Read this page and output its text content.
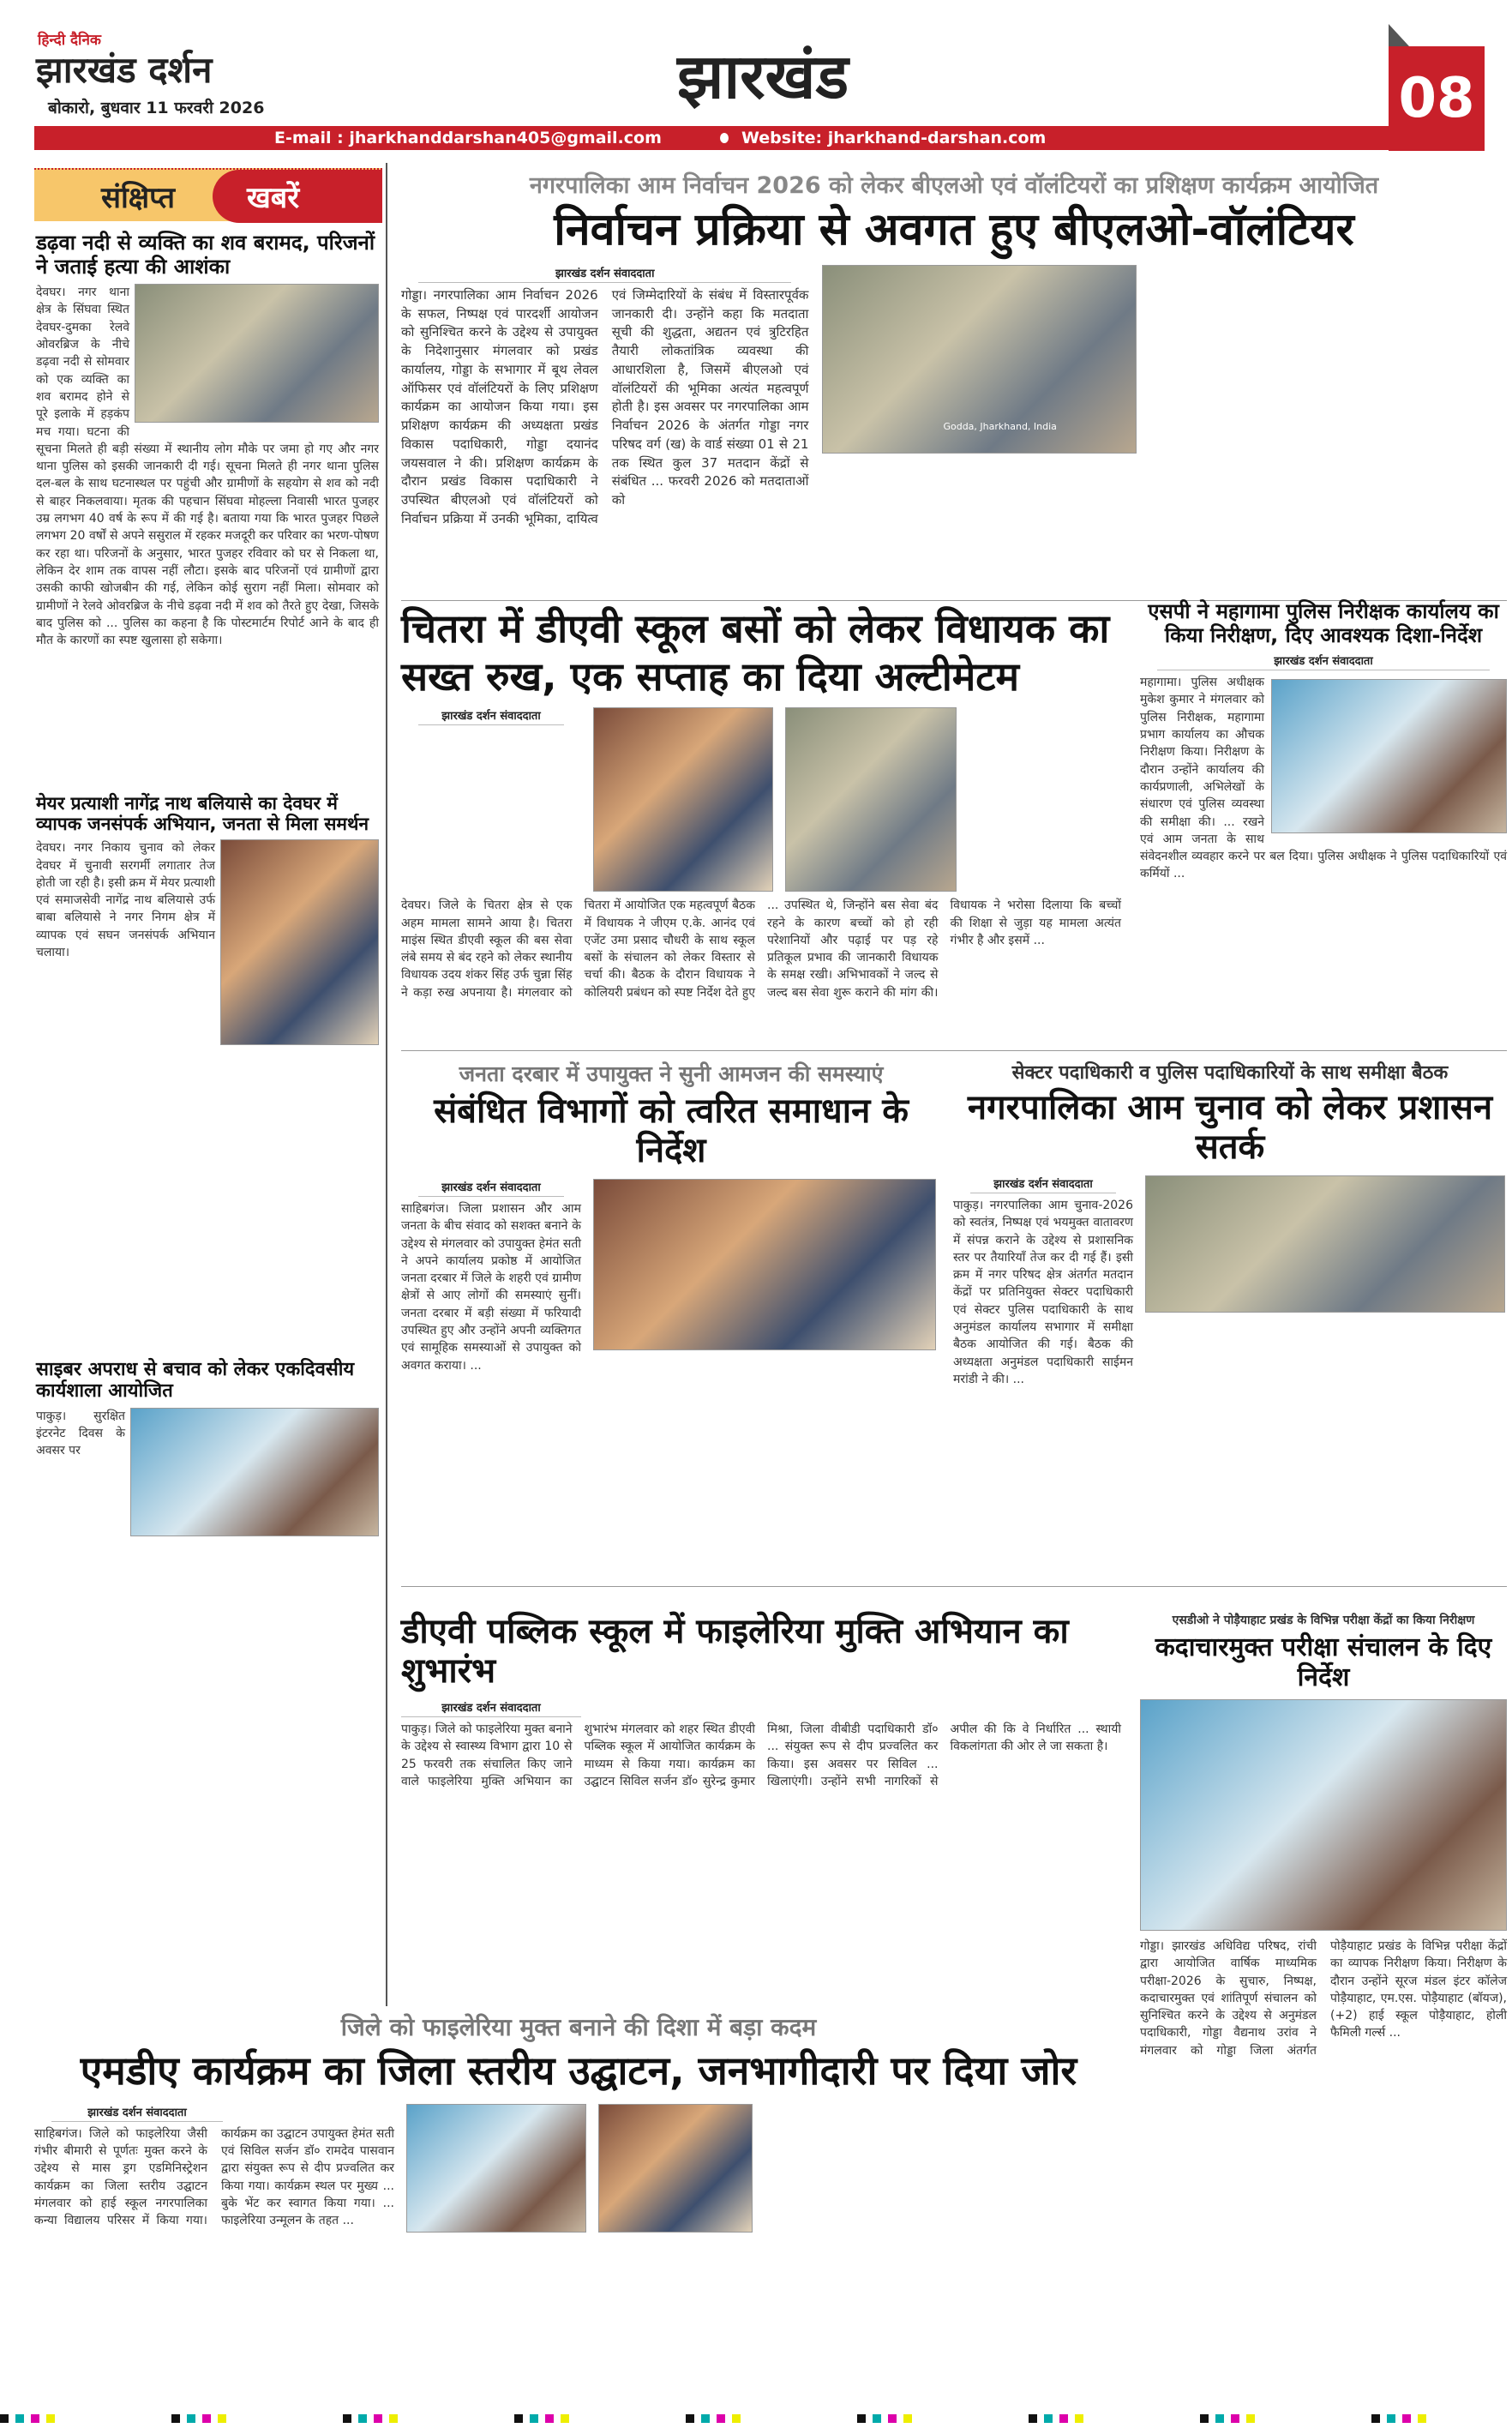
हिन्दी दैनिक
झारखंड दर्शन
बोकारो, बुधवार 11 फरवरी 2026	झारखंड	08
E-mail : jharkhanddarshan405@gmail.com	Website: jharkhand-darshan.com
संक्षिप्त	खबरें
डढ़वा नदी से व्यक्ति का शव बरामद, परिजनों ने जताई हत्या की आशंका
देवघर। नगर थाना क्षेत्र के सिंघवा स्थित देवघर-दुमका रेलवे ओवरब्रिज के नीचे डढ़वा नदी से सोमवार को एक व्यक्ति का शव बरामद होने से पूरे इलाके में हड़कंप मच गया। घटना की सूचना मिलते ही बड़ी संख्या में स्थानीय लोग मौके पर जमा हो गए और नगर थाना पुलिस को इसकी जानकारी दी गई। सूचना मिलते ही नगर थाना पुलिस दल-बल के साथ घटनास्थल पर पहुंची और ग्रामीणों के सहयोग से शव को नदी से बाहर निकलवाया। मृतक की पहचान सिंघवा मोहल्ला निवासी भारत पुजहर उम्र लगभग 40 वर्ष के रूप में की गई है। बताया गया कि भारत पुजहर पिछले लगभग 20 वर्षों से अपने ससुराल में रहकर मजदूरी कर परिवार का भरण-पोषण कर रहा था। परिजनों के अनुसार, भारत पुजहर रविवार को घर से निकला था, लेकिन देर शाम तक वापस नहीं लौटा। इसके बाद परिजनों एवं ग्रामीणों द्वारा उसकी काफी खोजबीन की गई, लेकिन कोई सुराग नहीं मिला। सोमवार को ग्रामीणों ने रेलवे ओवरब्रिज के नीचे डढ़वा नदी में शव को तैरते हुए देखा, जिसके बाद पुलिस को ... पुलिस का कहना है कि पोस्टमार्टम रिपोर्ट आने के बाद ही मौत के कारणों का स्पष्ट खुलासा हो सकेगा।
मेयर प्रत्याशी नागेंद्र नाथ बलियासे का देवघर में व्यापक जनसंपर्क अभियान, जनता से मिला समर्थन
देवघर। नगर निकाय चुनाव को लेकर देवघर में चुनावी सरगर्मी लगातार तेज होती जा रही है। इसी क्रम में मेयर प्रत्याशी एवं समाजसेवी नागेंद्र नाथ बलियासे उर्फ बाबा बलियासे ने नगर निगम क्षेत्र में व्यापक एवं सघन जनसंपर्क अभियान चलाया।
साइबर अपराध से बचाव को लेकर एकदिवसीय कार्यशाला आयोजित
पाकुड़। सुरक्षित इंटरनेट दिवस के अवसर पर
नगरपालिका आम निर्वाचन 2026 को लेकर बीएलओ एवं वॉलंटियरों का प्रशिक्षण कार्यक्रम आयोजित
निर्वाचन प्रक्रिया से अवगत हुए बीएलओ-वॉलंटियर
झारखंड दर्शन संवाददाता
गोड्डा। नगरपालिका आम निर्वाचन 2026 के सफल, निष्पक्ष एवं पारदर्शी आयोजन को सुनिश्चित करने के उद्देश्य से उपायुक्त के निदेशानुसार मंगलवार को प्रखंड कार्यालय, गोड्डा के सभागार में बूथ लेवल ऑफिसर एवं वॉलंटियरों के लिए प्रशिक्षण कार्यक्रम का आयोजन किया गया। इस प्रशिक्षण कार्यक्रम की अध्यक्षता प्रखंड विकास पदाधिकारी, गोड्डा दयानंद जयसवाल ने की। प्रशिक्षण कार्यक्रम के दौरान प्रखंड विकास पदाधिकारी ने उपस्थित बीएलओ एवं वॉलंटियरों को निर्वाचन प्रक्रिया में उनकी भूमिका, दायित्व एवं जिम्मेदारियों के संबंध में विस्तारपूर्वक जानकारी दी। उन्होंने कहा कि मतदाता सूची की शुद्धता, अद्यतन एवं त्रुटिरहित तैयारी लोकतांत्रिक व्यवस्था की आधारशिला है, जिसमें बीएलओ एवं वॉलंटियरों की भूमिका अत्यंत महत्वपूर्ण होती है। इस अवसर पर नगरपालिका आम निर्वाचन 2026 के अंतर्गत गोड्डा नगर परिषद वर्ग (ख) के वार्ड संख्या 01 से 21 तक स्थित कुल 37 मतदान केंद्रों से संबंधित ... फरवरी 2026 को मतदाताओं को
Godda, Jharkhand, India
चितरा में डीएवी स्कूल बसों को लेकर विधायक का सख्त रुख, एक सप्ताह का दिया अल्टीमेटम
झारखंड दर्शन संवाददाता
देवघर। जिले के चितरा क्षेत्र से एक अहम मामला सामने आया है। चितरा माइंस स्थित डीएवी स्कूल की बस सेवा लंबे समय से बंद रहने को लेकर स्थानीय विधायक उदय शंकर सिंह उर्फ चुन्ना सिंह ने कड़ा रुख अपनाया है। मंगलवार को चितरा में आयोजित एक महत्वपूर्ण बैठक में विधायक ने जीएम ए.के. आनंद एवं एजेंट उमा प्रसाद चौधरी के साथ स्कूल बसों के संचालन को लेकर विस्तार से चर्चा की। बैठक के दौरान विधायक ने कोलियरी प्रबंधन को स्पष्ट निर्देश देते हुए ... उपस्थित थे, जिन्होंने बस सेवा बंद रहने के कारण बच्चों को हो रही परेशानियों और पढ़ाई पर पड़ रहे प्रतिकूल प्रभाव की जानकारी विधायक के समक्ष रखी। अभिभावकों ने जल्द से जल्द बस सेवा शुरू कराने की मांग की। विधायक ने भरोसा दिलाया कि बच्चों की शिक्षा से जुड़ा यह मामला अत्यंत गंभीर है और इसमें ...
एसपी ने महागामा पुलिस निरीक्षक कार्यालय का किया निरीक्षण, दिए आवश्यक दिशा-निर्देश
झारखंड दर्शन संवाददाता
महागामा। पुलिस अधीक्षक मुकेश कुमार ने मंगलवार को पुलिस निरीक्षक, महागामा प्रभाग कार्यालय का औचक निरीक्षण किया। निरीक्षण के दौरान उन्होंने कार्यालय की कार्यप्रणाली, अभिलेखों के संधारण एवं पुलिस व्यवस्था की समीक्षा की। ... रखने एवं आम जनता के साथ संवेदनशील व्यवहार करने पर बल दिया। पुलिस अधीक्षक ने पुलिस पदाधिकारियों एवं कर्मियों ...
जनता दरबार में उपायुक्त ने सुनी आमजन की समस्याएं
संबंधित विभागों को त्वरित समाधान के निर्देश
झारखंड दर्शन संवाददाता
साहिबगंज। जिला प्रशासन और आम जनता के बीच संवाद को सशक्त बनाने के उद्देश्य से मंगलवार को उपायुक्त हेमंत सती ने अपने कार्यालय प्रकोष्ठ में आयोजित जनता दरबार में जिले के शहरी एवं ग्रामीण क्षेत्रों से आए लोगों की समस्याएं सुनीं। जनता दरबार में बड़ी संख्या में फरियादी उपस्थित हुए और उन्होंने अपनी व्यक्तिगत एवं सामूहिक समस्याओं से उपायुक्त को अवगत कराया। ...
सेक्टर पदाधिकारी व पुलिस पदाधिकारियों के साथ समीक्षा बैठक
नगरपालिका आम चुनाव को लेकर प्रशासन सतर्क
झारखंड दर्शन संवाददाता
पाकुड़। नगरपालिका आम चुनाव-2026 को स्वतंत्र, निष्पक्ष एवं भयमुक्त वातावरण में संपन्न कराने के उद्देश्य से प्रशासनिक स्तर पर तैयारियाँ तेज कर दी गई हैं। इसी क्रम में नगर परिषद क्षेत्र अंतर्गत मतदान केंद्रों पर प्रतिनियुक्त सेक्टर पदाधिकारी एवं सेक्टर पुलिस पदाधिकारी के साथ अनुमंडल कार्यालय सभागार में समीक्षा बैठक आयोजित की गई। बैठक की अध्यक्षता अनुमंडल पदाधिकारी साईमन मरांडी ने की। ...
डीएवी पब्लिक स्कूल में फाइलेरिया मुक्ति अभियान का शुभारंभ
झारखंड दर्शन संवाददाता
पाकुड़। जिले को फाइलेरिया मुक्त बनाने के उद्देश्य से स्वास्थ्य विभाग द्वारा 10 से 25 फरवरी तक संचालित किए जाने वाले फाइलेरिया मुक्ति अभियान का शुभारंभ मंगलवार को शहर स्थित डीएवी पब्लिक स्कूल में आयोजित कार्यक्रम के माध्यम से किया गया। कार्यक्रम का उद्घाटन सिविल सर्जन डॉ० सुरेन्द्र कुमार मिश्रा, जिला वीबीडी पदाधिकारी डॉ० ... संयुक्त रूप से दीप प्रज्वलित कर किया। इस अवसर पर सिविल ... खिलाएंगी। उन्होंने सभी नागरिकों से अपील की कि वे निर्धारित ... स्थायी विकलांगता की ओर ले जा सकता है।
एसडीओ ने पोड़ैयाहाट प्रखंड के विभिन्न परीक्षा केंद्रों का किया निरीक्षण
कदाचारमुक्त परीक्षा संचालन के दिए निर्देश
गोड्डा। झारखंड अधिविद्य परिषद, रांची द्वारा आयोजित वार्षिक माध्यमिक परीक्षा-2026 के सुचारु, निष्पक्ष, कदाचारमुक्त एवं शांतिपूर्ण संचालन को सुनिश्चित करने के उद्देश्य से अनुमंडल पदाधिकारी, गोड्डा वैद्यनाथ उरांव ने मंगलवार को गोड्डा जिला अंतर्गत पोड़ैयाहाट प्रखंड के विभिन्न परीक्षा केंद्रों का व्यापक निरीक्षण किया। निरीक्षण के दौरान उन्होंने सूरज मंडल इंटर कॉलेज पोड़ैयाहाट, एम.एस. पोड़ैयाहाट (बॉयज), (+2) हाई स्कूल पोड़ैयाहाट, होली फैमिली गर्ल्स ...
जिले को फाइलेरिया मुक्त बनाने की दिशा में बड़ा कदम
एमडीए कार्यक्रम का जिला स्तरीय उद्घाटन, जनभागीदारी पर दिया जोर
झारखंड दर्शन संवाददाता
साहिबगंज। जिले को फाइलेरिया जैसी गंभीर बीमारी से पूर्णतः मुक्त करने के उद्देश्य से मास ड्रग एडमिनिस्ट्रेशन कार्यक्रम का जिला स्तरीय उद्घाटन मंगलवार को हाई स्कूल नगरपालिका कन्या विद्यालय परिसर में किया गया। कार्यक्रम का उद्घाटन उपायुक्त हेमंत सती एवं सिविल सर्जन डॉ० रामदेव पासवान द्वारा संयुक्त रूप से दीप प्रज्वलित कर किया गया। कार्यक्रम स्थल पर मुख्य ... बुके भेंट कर स्वागत किया गया। ... फाइलेरिया उन्मूलन के तहत ...
